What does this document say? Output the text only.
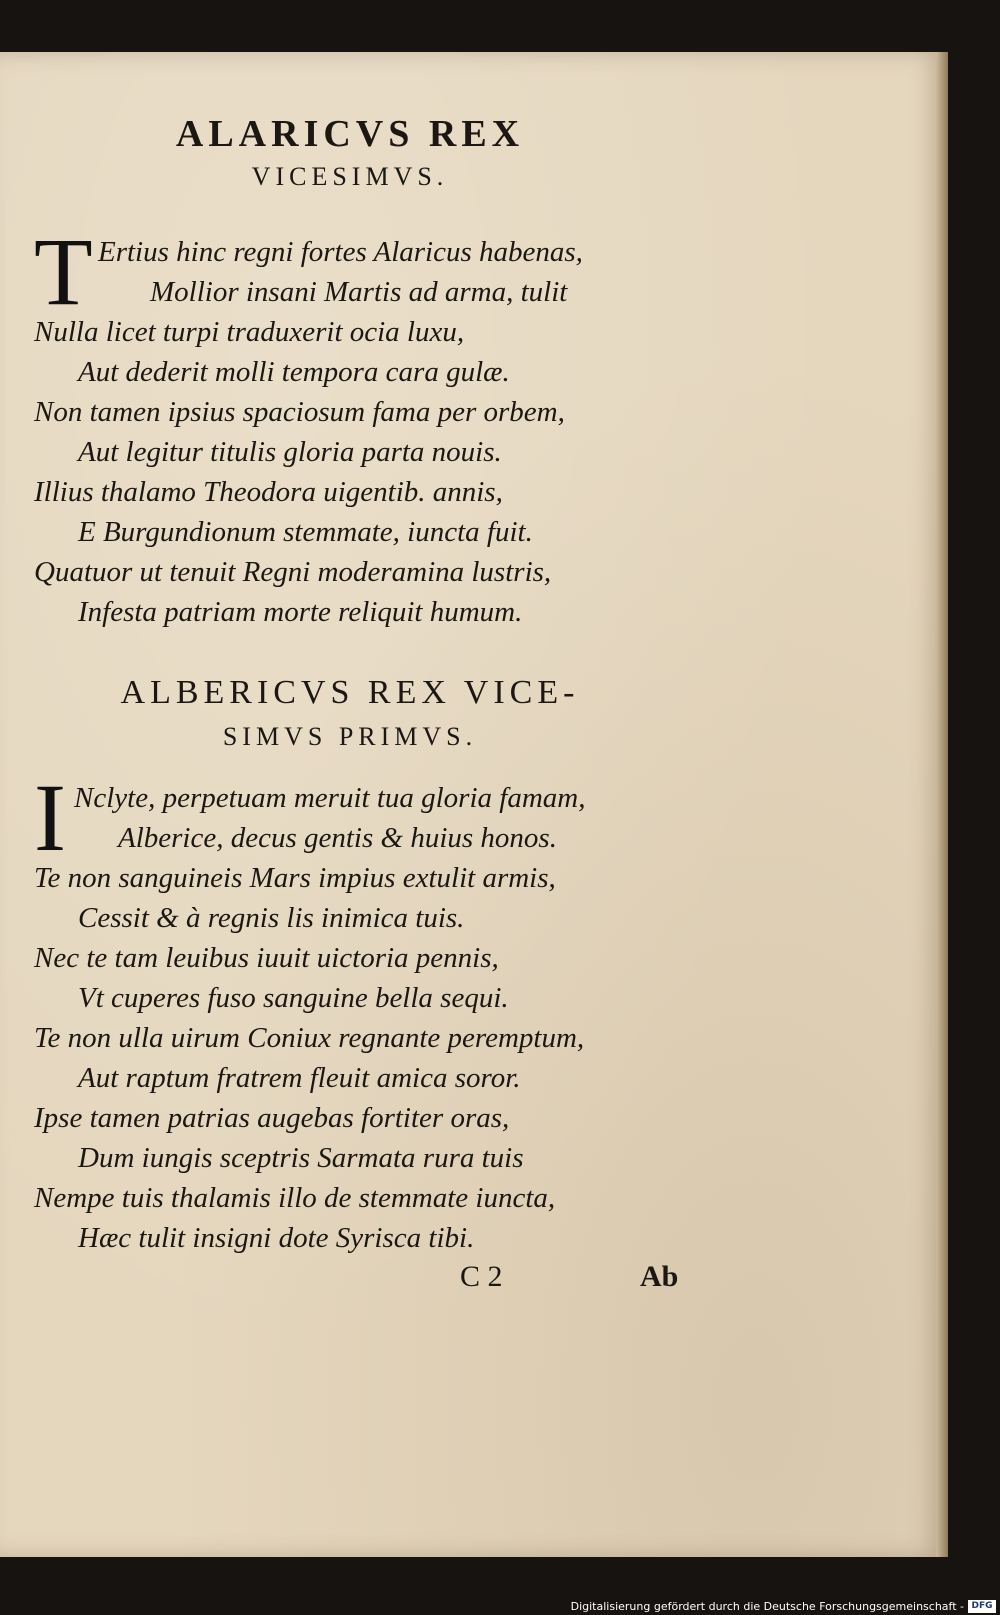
ALARICVS REX
VICESIMVS.
T Ertius hinc regni fortes Alaricus habenas,
Mollior insani Martis ad arma, tulit
Nulla licet turpi traduxerit ocia luxu,
Aut dederit molli tempora cara gulæ.
Non tamen ipsius spaciosum fama per orbem,
Aut legitur titulis gloria parta nouis.
Illius thalamo Theodora uigentib. annis,
E Burgundionum stemmate, iuncta fuit.
Quatuor ut tenuit Regni moderamina lustris,
Infesta patriam morte reliquit humum.
ALBERICVS REX VICE-
SIMVS PRIMVS.
I Nclyte, perpetuam meruit tua gloria famam,
Alberice, decus gentis & huius honos.
Te non sanguineis Mars impius extulit armis,
Cessit & à regnis lis inimica tuis.
Nec te tam leuibus iuuit uictoria pennis,
Vt cuperes fuso sanguine bella sequi.
Te non ulla uirum Coniux regnante peremptum,
Aut raptum fratrem fleuit amica soror.
Ipse tamen patrias augebas fortiter oras,
Dum iungis sceptris Sarmata rura tuis
Nempe tuis thalamis illo de stemmate iuncta,
Hæc tulit insigni dote Syrisca tibi.
C 2	Ab
Digitalisierung gefördert durch die Deutsche Forschungsgemeinschaft - DFG
